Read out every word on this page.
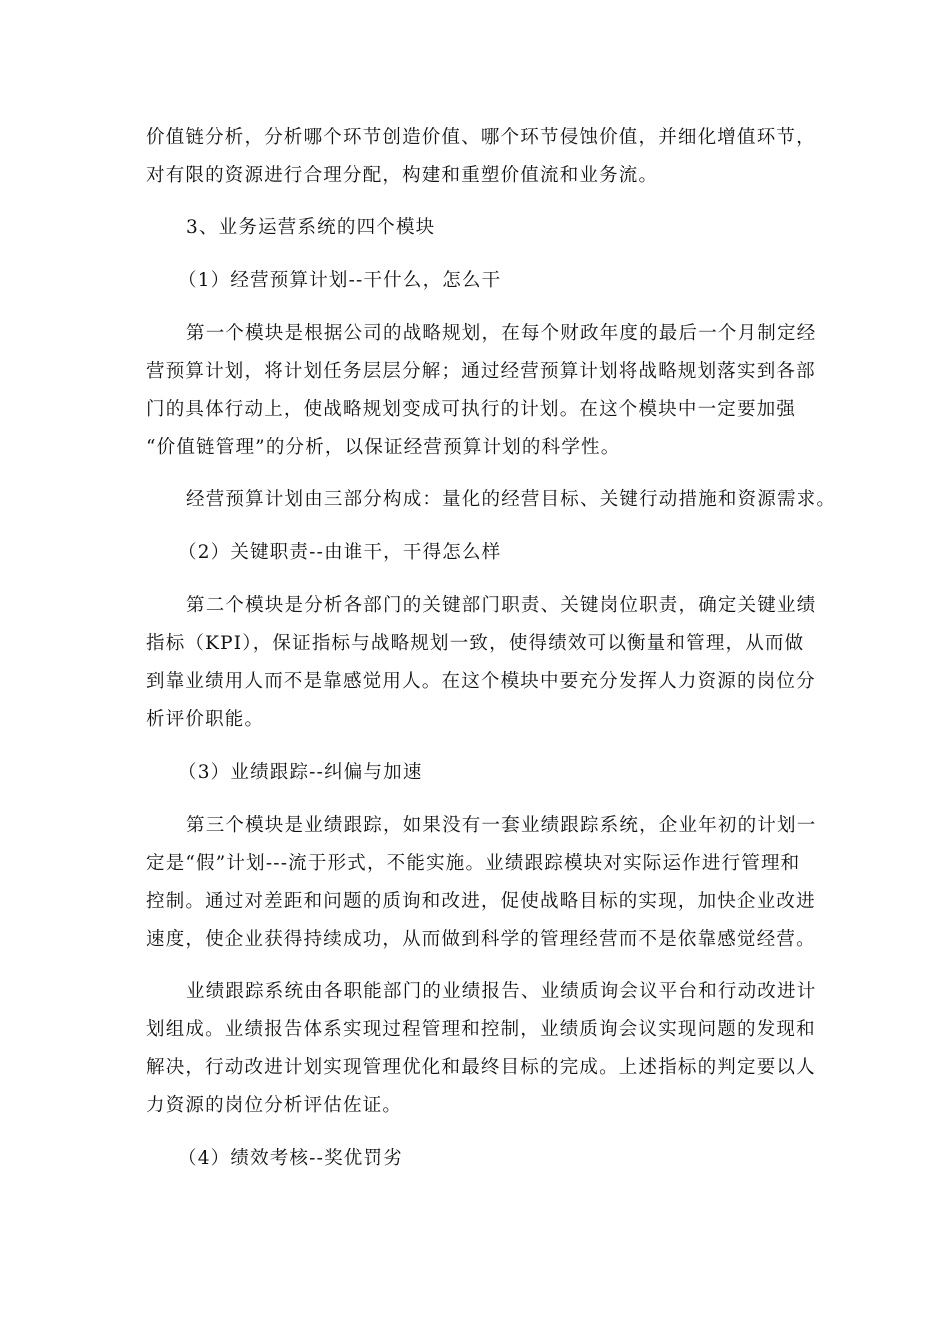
价值链分析，分析哪个环节创造价值、哪个环节侵蚀价值，并细化增值环节，
对有限的资源进行合理分配，构建和重塑价值流和业务流。
3、业务运营系统的四个模块
（1）经营预算计划--干什么，怎么干
第一个模块是根据公司的战略规划，在每个财政年度的最后一个月制定经
营预算计划，将计划任务层层分解；通过经营预算计划将战略规划落实到各部
门的具体行动上，使战略规划变成可执行的计划。在这个模块中一定要加强
“价值链管理”的分析，以保证经营预算计划的科学性。
经营预算计划由三部分构成：量化的经营目标、关键行动措施和资源需求。
（2）关键职责--由谁干，干得怎么样
第二个模块是分析各部门的关键部门职责、关键岗位职责，确定关键业绩
指标（KPI），保证指标与战略规划一致，使得绩效可以衡量和管理，从而做
到靠业绩用人而不是靠感觉用人。在这个模块中要充分发挥人力资源的岗位分
析评价职能。
（3）业绩跟踪--纠偏与加速
第三个模块是业绩跟踪，如果没有一套业绩跟踪系统，企业年初的计划一
定是“假”计划---流于形式，不能实施。业绩跟踪模块对实际运作进行管理和
控制。通过对差距和问题的质询和改进，促使战略目标的实现，加快企业改进
速度，使企业获得持续成功，从而做到科学的管理经营而不是依靠感觉经营。
业绩跟踪系统由各职能部门的业绩报告、业绩质询会议平台和行动改进计
划组成。业绩报告体系实现过程管理和控制，业绩质询会议实现问题的发现和
解决，行动改进计划实现管理优化和最终目标的完成。上述指标的判定要以人
力资源的岗位分析评估佐证。
（4）绩效考核--奖优罚劣
